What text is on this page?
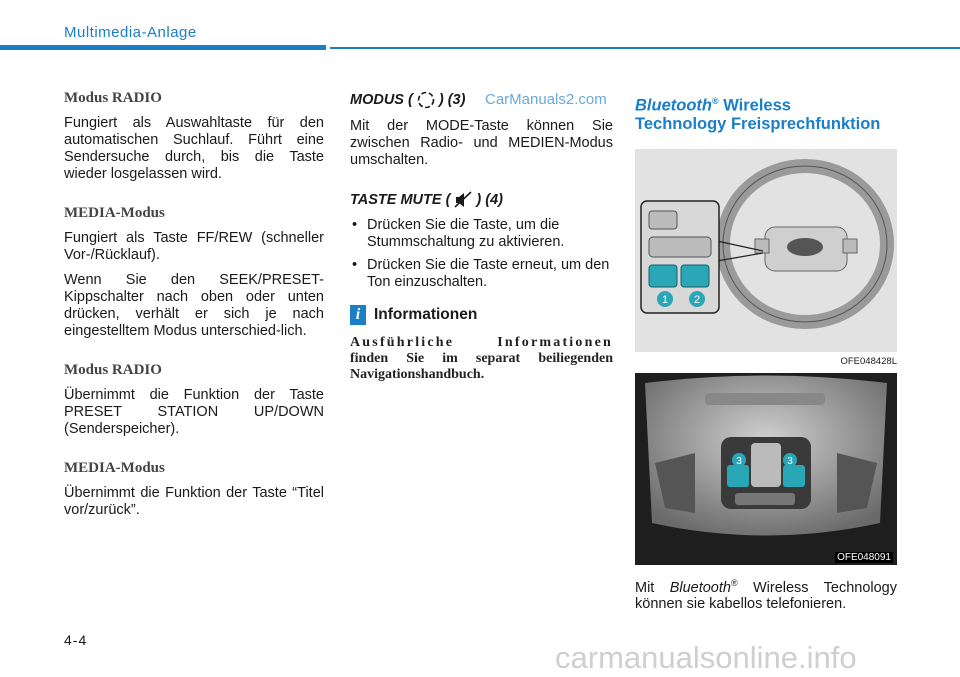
Multimedia-Anlage
Modus RADIO

Fungiert als Auswahltaste für den automatischen Suchlauf. Führt eine Sendersuche durch, bis die Taste wieder losgelassen wird.

MEDIA-Modus

Fungiert als Taste FF/REW (schneller Vor-/Rücklauf).

Wenn Sie den SEEK/PRESET-Kippschalter nach oben oder unten drücken, verhält er sich je nach eingestelltem Modus unterschied-lich.

Modus RADIO

Übernimmt die Funktion der Taste PRESET STATION UP/DOWN (Senderspeicher).

MEDIA-Modus

Übernimmt die Funktion der Taste “Titel vor/zurück”.

MODUS ( ) (3)

Mit der MODE-Taste können Sie zwischen Radio- und MEDIEN-Modus umschalten.

TASTE MUTE ( ) (4)
• Drücken Sie die Taste, um die Stummschaltung zu aktivieren.
• Drücken Sie die Taste erneut, um den Ton einzuschalten.
i Informationen

Ausführliche Informationen finden Sie im separat beiliegenden Navigationshandbuch.

CarManuals2.com Bluetooth® Wireless
Technology Freisprechfunktion
1 2
OFE048428L
3	3
OFE048091

Mit Bluetooth® Wireless Technology können sie kabellos telefonieren.

4-4	carmanualsonline.info
